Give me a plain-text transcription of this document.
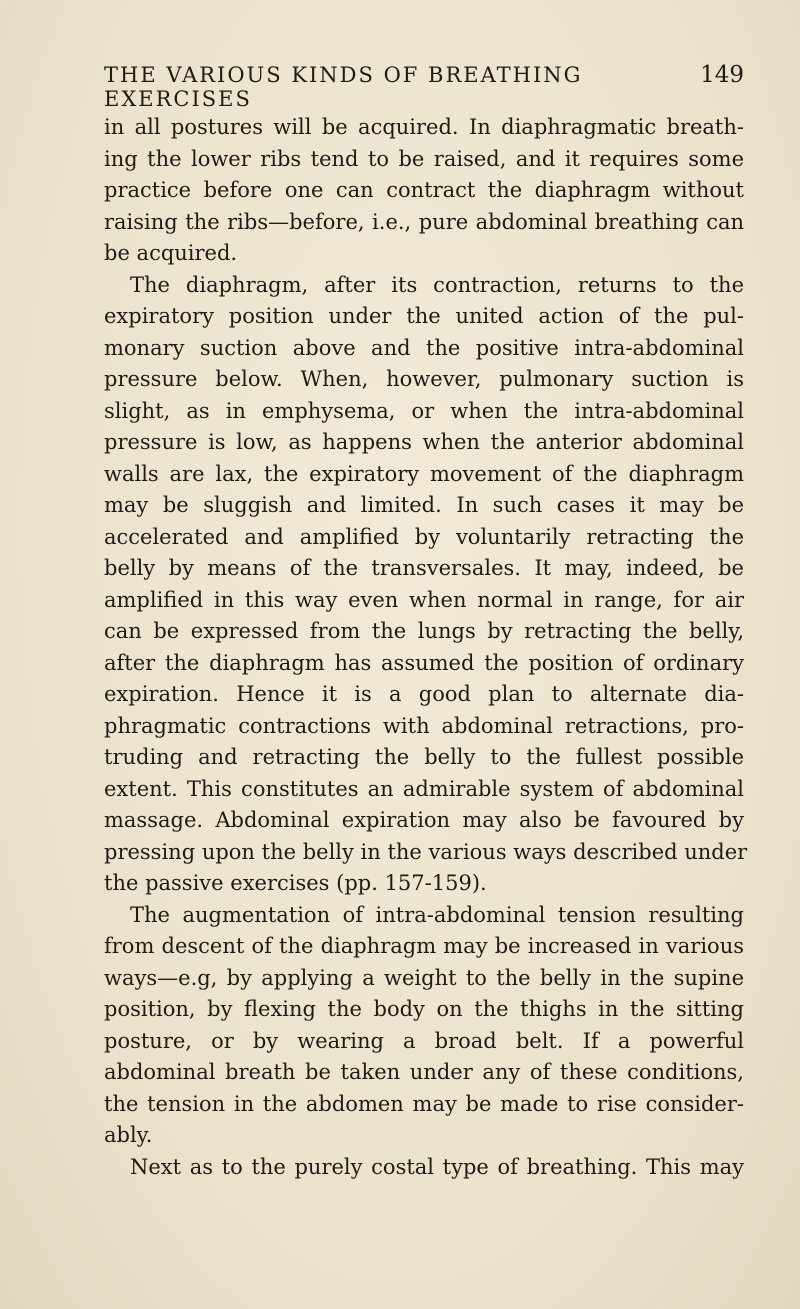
THE VARIOUS KINDS OF BREATHING EXERCISES
149
in all postures will be acquired. In diaphragmatic breath-
ing the lower ribs tend to be raised, and it requires some
practice before one can contract the diaphragm without
raising the ribs—before, i.e., pure abdominal breathing can
be acquired.
The diaphragm, after its contraction, returns to the
expiratory position under the united action of the pul-
monary suction above and the positive intra-abdominal
pressure below. When, however, pulmonary suction is
slight, as in emphysema, or when the intra-abdominal
pressure is low, as happens when the anterior abdominal
walls are lax, the expiratory movement of the diaphragm
may be sluggish and limited. In such cases it may be
accelerated and amplified by voluntarily retracting the
belly by means of the transversales. It may, indeed, be
amplified in this way even when normal in range, for air
can be expressed from the lungs by retracting the belly,
after the diaphragm has assumed the position of ordinary
expiration. Hence it is a good plan to alternate dia-
phragmatic contractions with abdominal retractions, pro-
truding and retracting the belly to the fullest possible
extent. This constitutes an admirable system of abdominal
massage. Abdominal expiration may also be favoured by
pressing upon the belly in the various ways described under
the passive exercises (pp. 157-159).
The augmentation of intra-abdominal tension resulting
from descent of the diaphragm may be increased in various
ways—e.g, by applying a weight to the belly in the supine
position, by flexing the body on the thighs in the sitting
posture, or by wearing a broad belt. If a powerful
abdominal breath be taken under any of these conditions,
the tension in the abdomen may be made to rise consider-
ably.
Next as to the purely costal type of breathing. This may
